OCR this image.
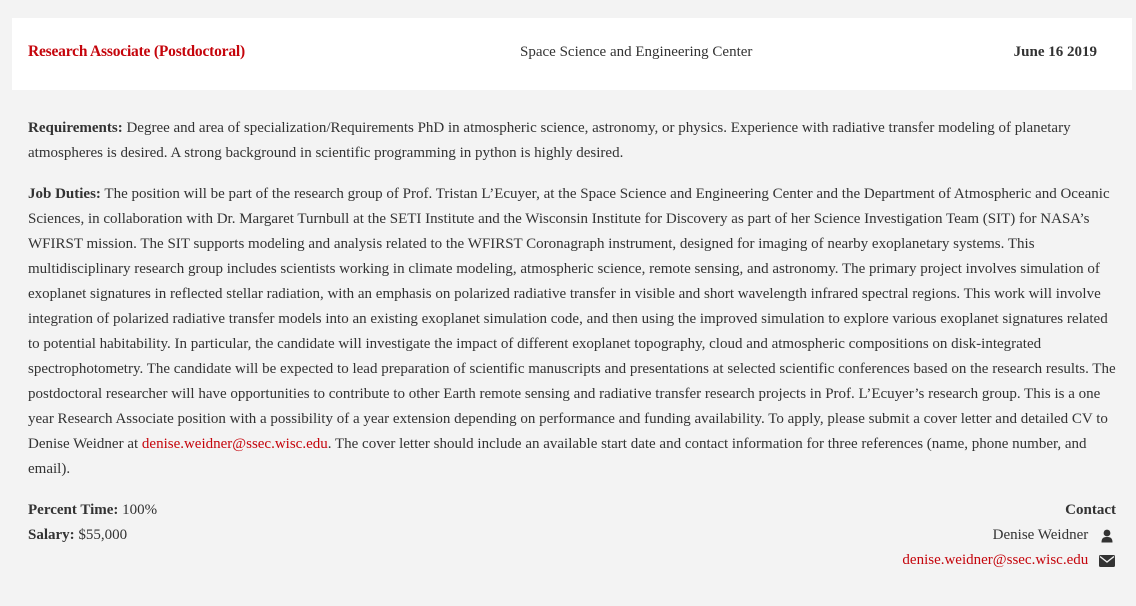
Research Associate (Postdoctoral)	Space Science and Engineering Center	June 16 2019

Requirements: Degree and area of specialization/Requirements PhD in atmospheric science, astronomy, or physics. Experience with radiative transfer modeling of planetary atmospheres is desired. A strong background in scientific programming in python is highly desired.

Job Duties: The position will be part of the research group of Prof. Tristan L’Ecuyer, at the Space Science and Engineering Center and the Department of Atmospheric and Oceanic Sciences, in collaboration with Dr. Margaret Turnbull at the SETI Institute and the Wisconsin Institute for Discovery as part of her Science Investigation Team (SIT) for NASA’s WFIRST mission. The SIT supports modeling and analysis related to the WFIRST Coronagraph instrument, designed for imaging of nearby exoplanetary systems. This multidisciplinary research group includes scientists working in climate modeling, atmospheric science, remote sensing, and astronomy. The primary project involves simulation of exoplanet signatures in reflected stellar radiation, with an emphasis on polarized radiative transfer in visible and short wavelength infrared spectral regions. This work will involve integration of polarized radiative transfer models into an existing exoplanet simulation code, and then using the improved simulation to explore various exoplanet signatures related to potential habitability. In particular, the candidate will investigate the impact of different exoplanet topography, cloud and atmospheric compositions on disk-integrated spectrophotometry. The candidate will be expected to lead preparation of scientific manuscripts and presentations at selected scientific conferences based on the research results. The postdoctoral researcher will have opportunities to contribute to other Earth remote sensing and radiative transfer research projects in Prof. L’Ecuyer’s research group. This is a one year Research Associate position with a possibility of a year extension depending on performance and funding availability. To apply, please submit a cover letter and detailed CV to Denise Weidner at denise.weidner@ssec.wisc.edu. The cover letter should include an available start date and contact information for three references (name, phone number, and email).

Percent Time: 100%
Salary: $55,000
Contact
Denise Weidner
denise.weidner@ssec.wisc.edu
